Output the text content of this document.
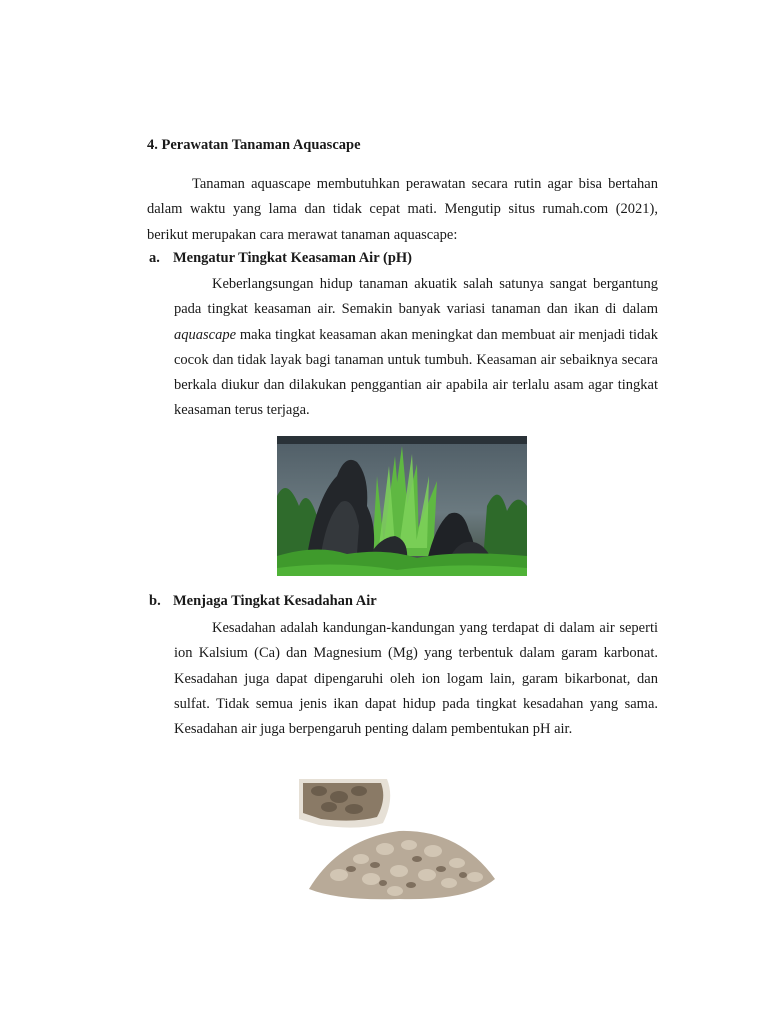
4. Perawatan Tanaman Aquascape

Tanaman aquascape membutuhkan perawatan secara rutin agar bisa bertahan dalam waktu yang lama dan tidak cepat mati. Mengutip situs rumah.com (2021), berikut merupakan cara merawat tanaman aquascape:

a. Mengatur Tingkat Keasaman Air (pH)

Keberlangsungan hidup tanaman akuatik salah satunya sangat bergantung pada tingkat keasaman air. Semakin banyak variasi tanaman dan ikan di dalam aquascape maka tingkat keasaman akan meningkat dan membuat air menjadi tidak cocok dan tidak layak bagi tanaman untuk tumbuh. Keasaman air sebaiknya secara berkala diukur dan dilakukan penggantian air apabila air terlalu asam agar tingkat keasaman terus terjaga.

b. Menjaga Tingkat Kesadahan Air

Kesadahan adalah kandungan-kandungan yang terdapat di dalam air seperti ion Kalsium (Ca) dan Magnesium (Mg) yang terbentuk dalam garam karbonat. Kesadahan juga dapat dipengaruhi oleh ion logam lain, garam bikarbonat, dan sulfat. Tidak semua jenis ikan dapat hidup pada tingkat kesadahan yang sama. Kesadahan air juga berpengaruh penting dalam pembentukan pH air.
